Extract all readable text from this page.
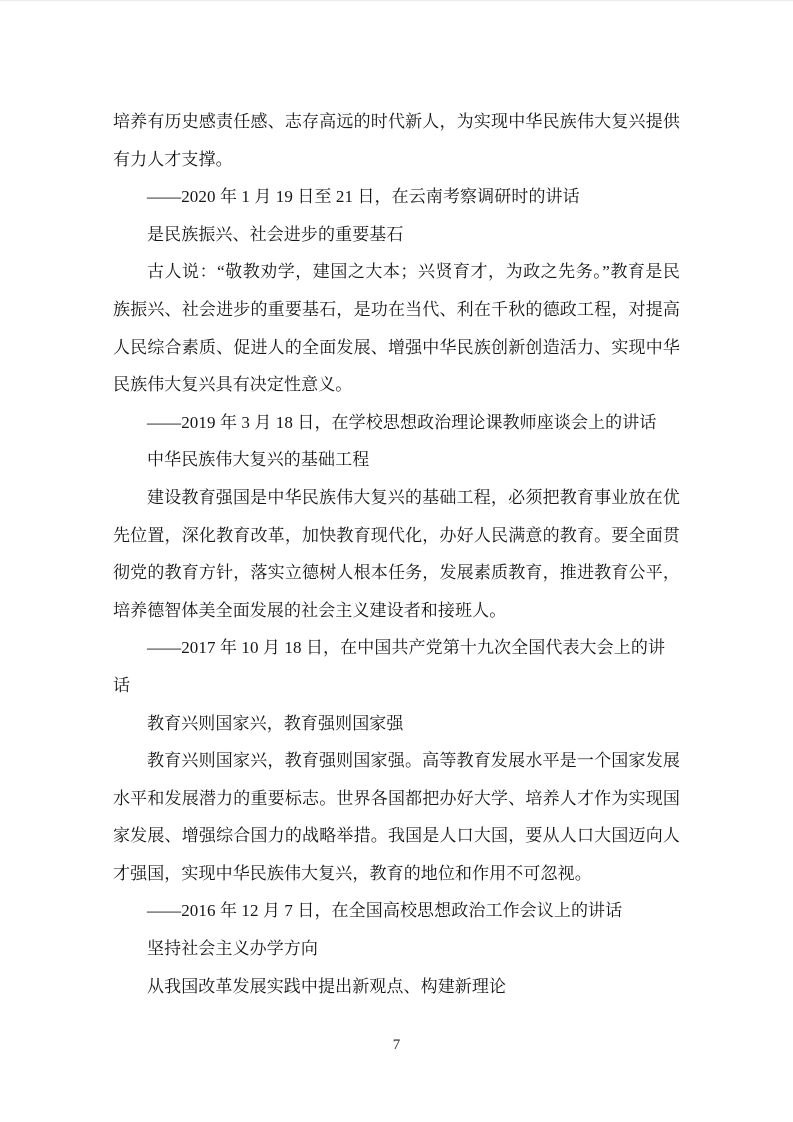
培养有历史感责任感、志存高远的时代新人，为实现中华民族伟大复兴提供有力人才支撑。

——2020 年 1 月 19 日至 21 日，在云南考察调研时的讲话

是民族振兴、社会进步的重要基石

古人说：“敬教劝学，建国之大本；兴贤育才，为政之先务。”教育是民族振兴、社会进步的重要基石，是功在当代、利在千秋的德政工程，对提高人民综合素质、促进人的全面发展、增强中华民族创新创造活力、实现中华民族伟大复兴具有决定性意义。

——2019 年 3 月 18 日，在学校思想政治理论课教师座谈会上的讲话

中华民族伟大复兴的基础工程

建设教育强国是中华民族伟大复兴的基础工程，必须把教育事业放在优先位置，深化教育改革，加快教育现代化，办好人民满意的教育。要全面贯彻党的教育方针，落实立德树人根本任务，发展素质教育，推进教育公平，培养德智体美全面发展的社会主义建设者和接班人。

——2017 年 10 月 18 日，在中国共产党第十九次全国代表大会上的讲话

教育兴则国家兴，教育强则国家强

教育兴则国家兴，教育强则国家强。高等教育发展水平是一个国家发展水平和发展潜力的重要标志。世界各国都把办好大学、培养人才作为实现国家发展、增强综合国力的战略举措。我国是人口大国，要从人口大国迈向人才强国，实现中华民族伟大复兴，教育的地位和作用不可忽视。

——2016 年 12 月 7 日，在全国高校思想政治工作会议上的讲话

坚持社会主义办学方向

从我国改革发展实践中提出新观点、构建新理论

7
